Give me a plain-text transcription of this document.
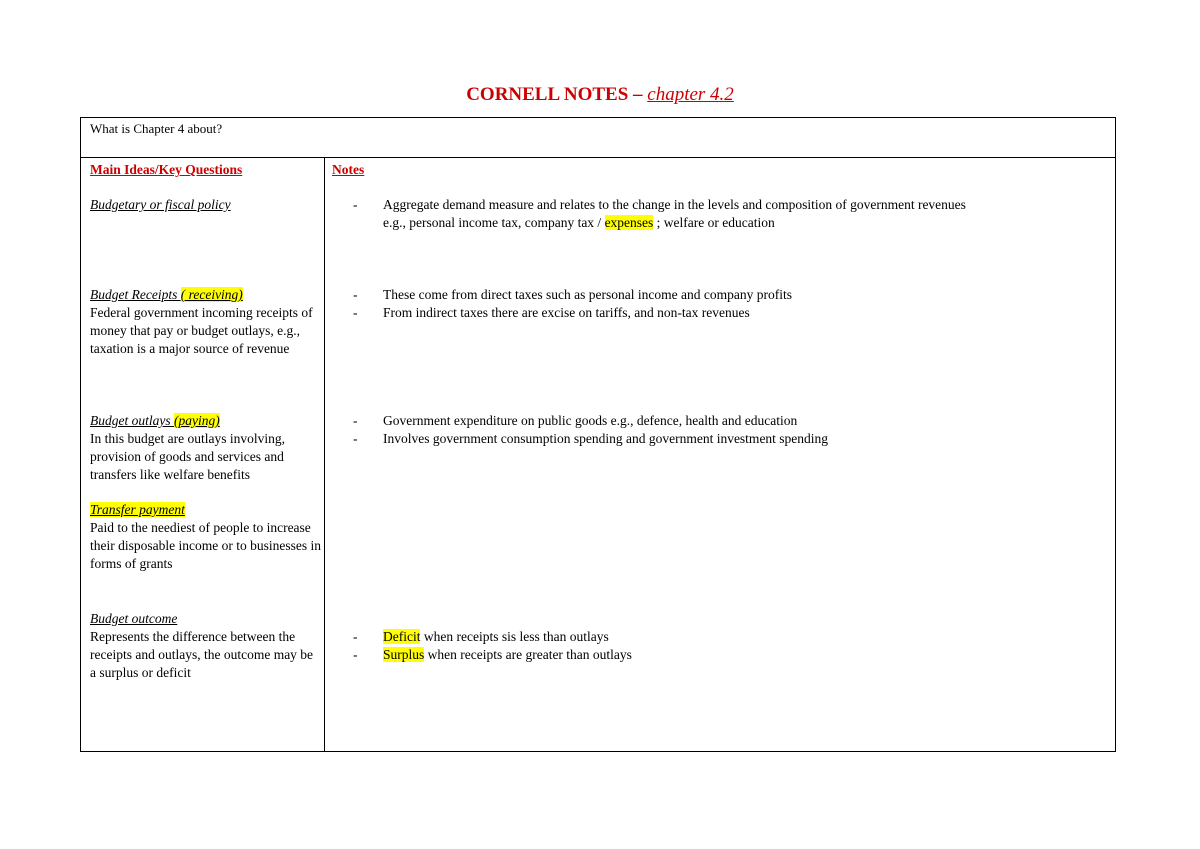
CORNELL NOTES – chapter 4.2
What is Chapter 4 about?
Main Ideas/Key Questions	Notes
Budgetary or fiscal policy	- Aggregate demand measure and relates to the change in the levels and composition of government revenues
e.g., personal income tax, company tax / expenses ; welfare or education
Budget Receipts ( receiving)
Federal government incoming receipts of money that pay or budget outlays, e.g., taxation is a major source of revenue
- These come from direct taxes such as personal income and company profits
- From indirect taxes there are excise on tariffs, and non-tax revenues
Budget outlays (paying)
In this budget are outlays involving, provision of goods and services and transfers like welfare benefits
- Government expenditure on public goods e.g., defence, health and education
- Involves government consumption spending and government investment spending
Transfer payment
Paid to the neediest of people to increase their disposable income or to businesses in forms of grants
Budget outcome
Represents the difference between the receipts and outlays, the outcome may be a surplus or deficit
- Deficit when receipts sis less than outlays
- Surplus when receipts are greater than outlays
